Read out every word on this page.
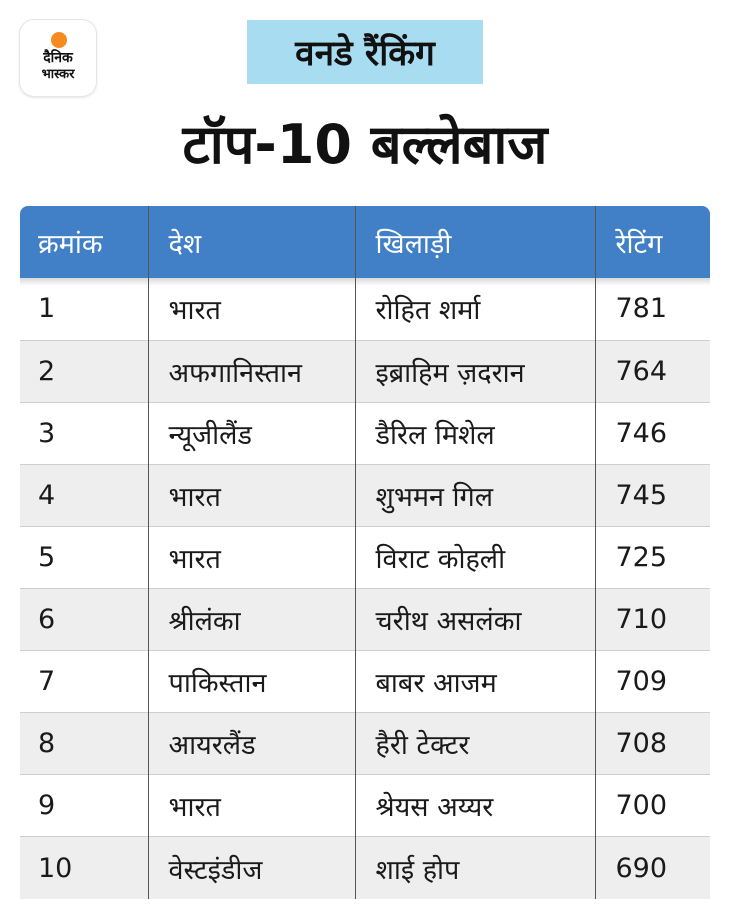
दैनिक
भास्कर
वनडे रैंकिंग
टॉप-10 बल्लेबाज
क्रमांक	देश	खिलाड़ी	रेटिंग
1	भारत	रोहित शर्मा	781
2	अफगानिस्तान	इब्राहिम ज़दरान	764
3	न्यूजीलैंड	डैरिल मिशेल	746
4	भारत	शुभमन गिल	745
5	भारत	विराट कोहली	725
6	श्रीलंका	चरीथ असलंका	710
7	पाकिस्तान	बाबर आजम	709
8	आयरलैंड	हैरी टेक्टर	708
9	भारत	श्रेयस अय्यर	700
10	वेस्टइंडीज	शाई होप	690
